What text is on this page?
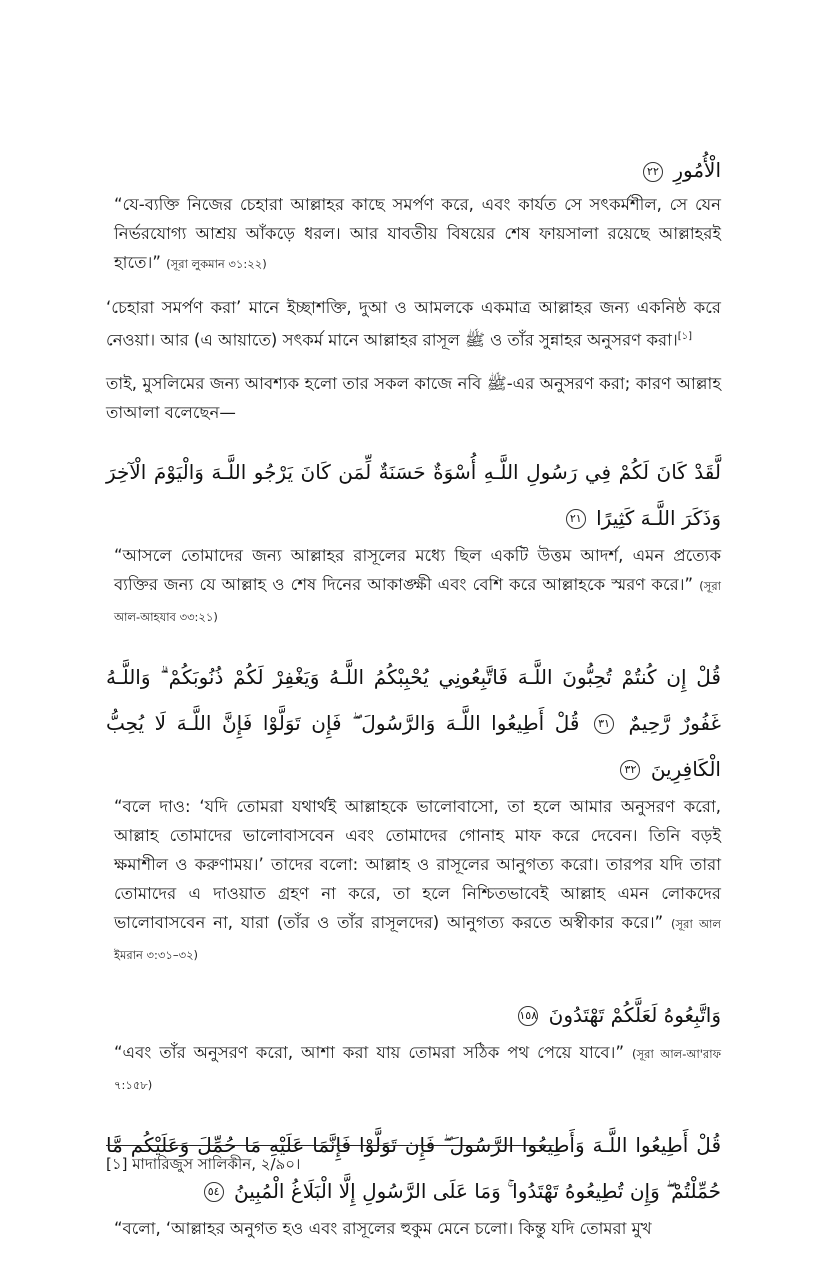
الْأُمُورِ ٢٢
“যে-ব্যক্তি নিজের চেহারা আল্লাহর কাছে সমর্পণ করে, এবং কার্যত সে সৎকর্মশীল, সে যেন নির্ভরযোগ্য আশ্রয় আঁকড়ে ধরল। আর যাবতীয় বিষয়ের শেষ ফায়সালা রয়েছে আল্লাহরই হাতে।” (সূরা লুকমান ৩১:২২)
‘চেহারা সমর্পণ করা’ মানে ইচ্ছাশক্তি, দুআ ও আমলকে একমাত্র আল্লাহর জন্য একনিষ্ঠ করে নেওয়া। আর (এ আয়াতে) সৎকর্ম মানে আল্লাহর রাসূল ﷺ ও তাঁর সুন্নাহর অনুসরণ করা।[১]
তাই, মুসলিমের জন্য আবশ্যক হলো তার সকল কাজে নবি ﷺ-এর অনুসরণ করা; কারণ আল্লাহ তাআলা বলেছেন—
لَّقَدْ كَانَ لَكُمْ فِي رَسُولِ اللَّـهِ أُسْوَةٌ حَسَنَةٌ لِّمَن كَانَ يَرْجُو اللَّـهَ وَالْيَوْمَ الْآخِرَ وَذَكَرَ اللَّـهَ كَثِيرًا ٢١
“আসলে তোমাদের জন্য আল্লাহর রাসূলের মধ্যে ছিল একটি উত্তম আদর্শ, এমন প্রত্যেক ব্যক্তির জন্য যে আল্লাহ ও শেষ দিনের আকাঙ্ক্ষী এবং বেশি করে আল্লাহকে স্মরণ করে।” (সূরা আল-আহযাব ৩৩:২১)
قُلْ إِن كُنتُمْ تُحِبُّونَ اللَّـهَ فَاتَّبِعُونِي يُحْبِبْكُمُ اللَّـهُ وَيَغْفِرْ لَكُمْ ذُنُوبَكُمْ ۗ وَاللَّـهُ غَفُورٌ رَّحِيمٌ ٣١ قُلْ أَطِيعُوا اللَّـهَ وَالرَّسُولَ ۖ فَإِن تَوَلَّوْا فَإِنَّ اللَّـهَ لَا يُحِبُّ الْكَافِرِينَ ٣٢
“বলে দাও: ‘যদি তোমরা যথার্থই আল্লাহকে ভালোবাসো, তা হলে আমার অনুসরণ করো, আল্লাহ তোমাদের ভালোবাসবেন এবং তোমাদের গোনাহ মাফ করে দেবেন। তিনি বড়ই ক্ষমাশীল ও করুণাময়।’ তাদের বলো: আল্লাহ ও রাসূলের আনুগত্য করো। তারপর যদি তারা তোমাদের এ দাওয়াত গ্রহণ না করে, তা হলে নিশ্চিতভাবেই আল্লাহ এমন লোকদের ভালোবাসবেন না, যারা (তাঁর ও তাঁর রাসূলদের) আনুগত্য করতে অস্বীকার করে।” (সূরা আল ইমরান ৩:৩১–৩২)
وَاتَّبِعُوهُ لَعَلَّكُمْ تَهْتَدُونَ ١٥٨
“এবং তাঁর অনুসরণ করো, আশা করা যায় তোমরা সঠিক পথ পেয়ে যাবে।” (সূরা আল-আ'রাফ ৭:১৫৮)
قُلْ أَطِيعُوا اللَّـهَ وَأَطِيعُوا الرَّسُولَ ۖ فَإِن تَوَلَّوْا فَإِنَّمَا عَلَيْهِ مَا حُمِّلَ وَعَلَيْكُم مَّا حُمِّلْتُمْ ۖ وَإِن تُطِيعُوهُ تَهْتَدُوا ۚ وَمَا عَلَى الرَّسُولِ إِلَّا الْبَلَاغُ الْمُبِينُ ٥٤
“বলো, ‘আল্লাহর অনুগত হও এবং রাসূলের হুকুম মেনে চলো। কিন্তু যদি তোমরা মুখ
[১] মাদারিজুস সালিকীন, ২/৯০।
